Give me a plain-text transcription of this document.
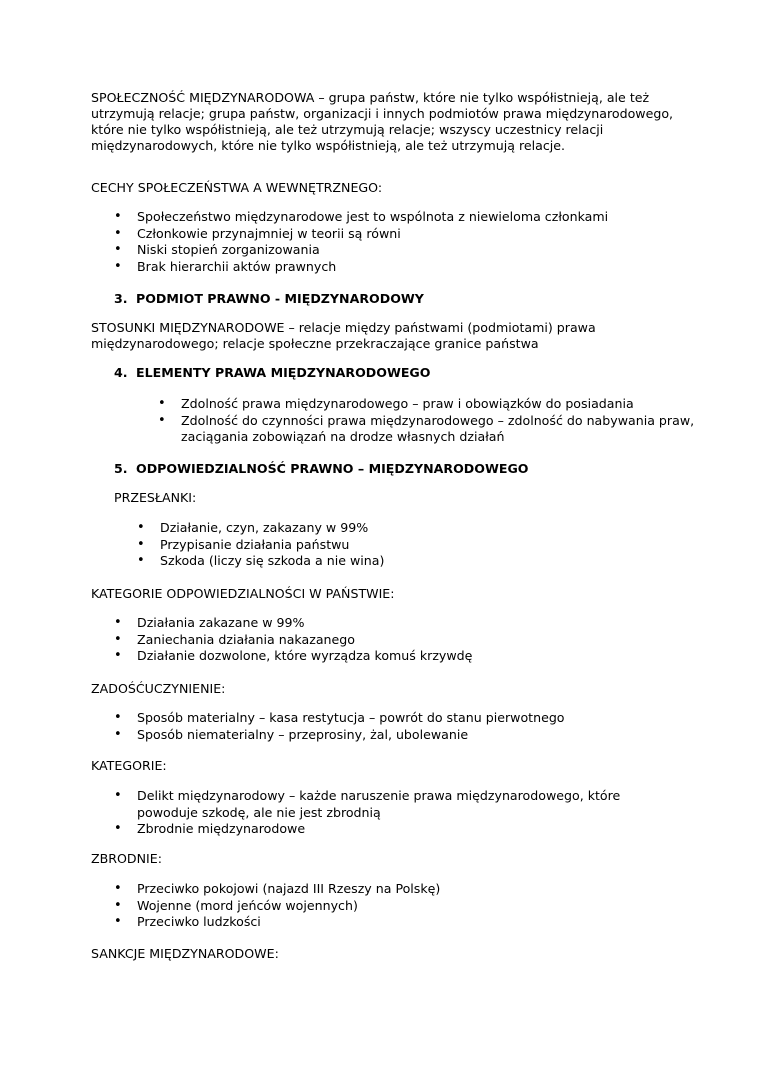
SPOŁECZNOŚĆ MIĘDZYNARODOWA – grupa państw, które nie tylko współistnieją, ale też utrzymują relacje; grupa państw, organizacji i innych podmiotów prawa międzynarodowego, które nie tylko współistnieją, ale też utrzymują relacje; wszyscy uczestnicy relacji międzynarodowych, które nie tylko współistnieją, ale też utrzymują relacje.

CECHY SPOŁECZEŃSTWA A WEWNĘTRZNEGO:

• Społeczeństwo międzynarodowe jest to wspólnota z niewieloma członkami
• Członkowie przynajmniej w teorii są równi
• Niski stopień zorganizowania
• Brak hierarchii aktów prawnych

3. PODMIOT PRAWNO - MIĘDZYNARODOWY

STOSUNKI MIĘDZYNARODOWE – relacje między państwami (podmiotami) prawa międzynarodowego; relacje społeczne przekraczające granice państwa

4. ELEMENTY PRAWA MIĘDZYNARODOWEGO

• Zdolność prawa międzynarodowego – praw i obowiązków do posiadania
• Zdolność do czynności prawa międzynarodowego – zdolność do nabywania praw, zaciągania zobowiązań na drodze własnych działań

5. ODPOWIEDZIALNOŚĆ PRAWNO – MIĘDZYNARODOWEGO

PRZESŁANKI:

• Działanie, czyn, zakazany w 99%
• Przypisanie działania państwu
• Szkoda (liczy się szkoda a nie wina)

KATEGORIE ODPOWIEDZIALNOŚCI W PAŃSTWIE:

• Działania zakazane w 99%
• Zaniechania działania nakazanego
• Działanie dozwolone, które wyrządza komuś krzywdę

ZADOŚĆUCZYNIENIE:

• Sposób materialny – kasa restytucja – powrót do stanu pierwotnego
• Sposób niematerialny – przeprosiny, żal, ubolewanie

KATEGORIE:

• Delikt międzynarodowy – każde naruszenie prawa międzynarodowego, które powoduje szkodę, ale nie jest zbrodnią
• Zbrodnie międzynarodowe

ZBRODNIE:

• Przeciwko pokojowi (najazd III Rzeszy na Polskę)
• Wojenne (mord jeńców wojennych)
• Przeciwko ludzkości

SANKCJE MIĘDZYNARODOWE:
